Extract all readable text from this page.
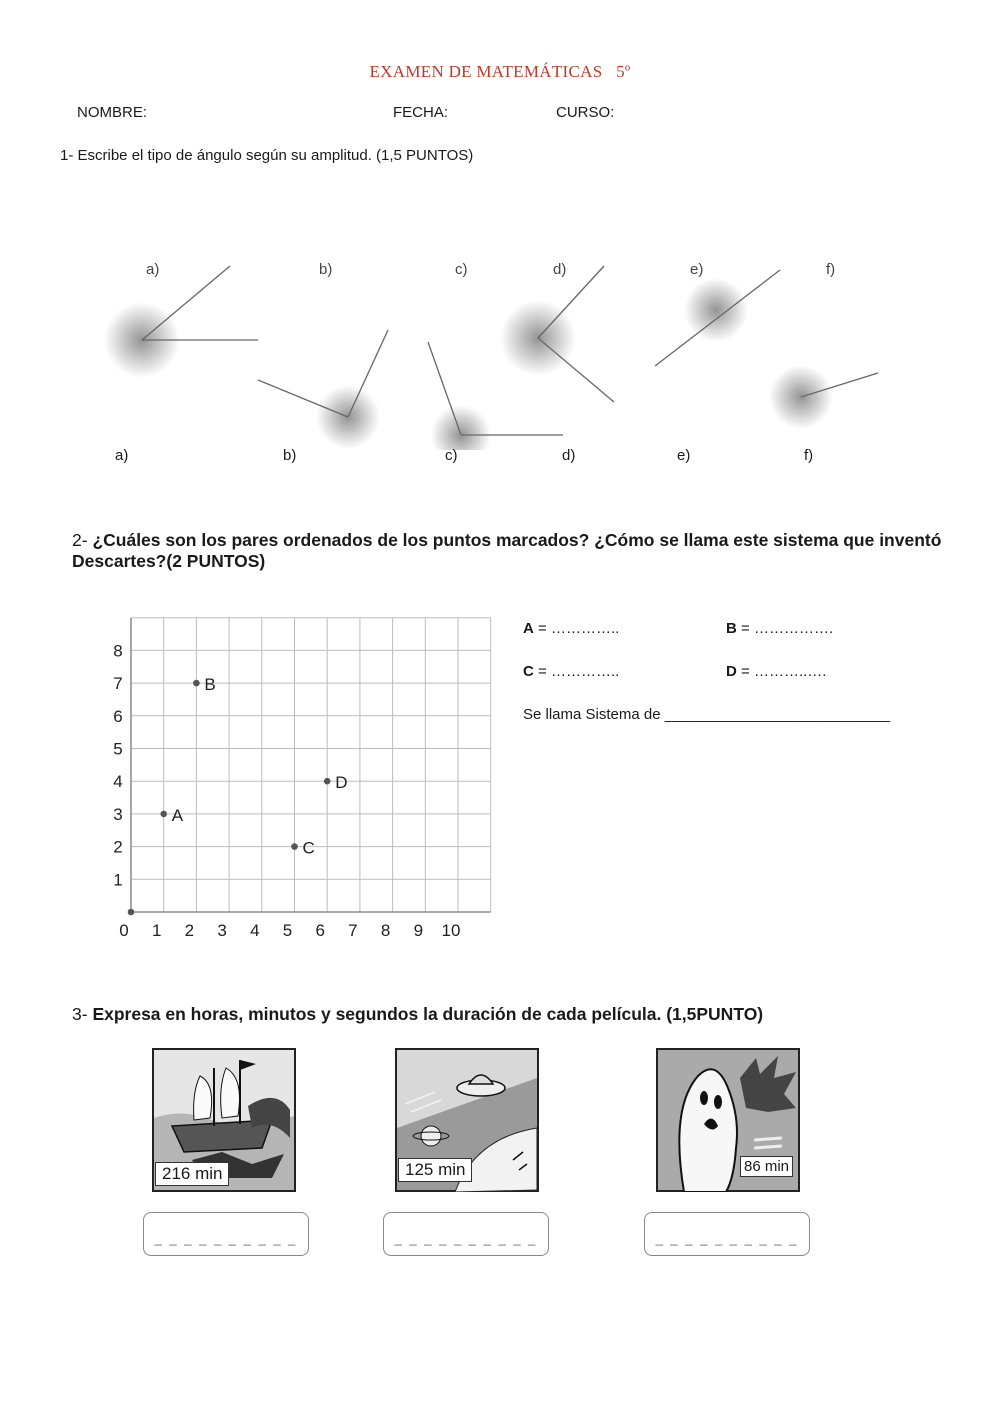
EXAMEN DE MATEMÁTICAS   5º
NOMBRE:	FECHA:	CURSO:
1- Escribe el tipo de ángulo según su amplitud. (1,5 PUNTOS)
a)	b)	c)	d)	e)	f)
a)	b)	c)	d)	e)	f)
2- ¿Cuáles son los pares ordenados de los puntos marcados? ¿Cómo se llama este sistema que inventó Descartes?(2 PUNTOS)
0 1 2 3 4 5 6 7 8 9 10
1
2
3
4
5
6
7
8
A
B
C
D
A = …………..	B = …………….
C = …………..	D = ………..….
Se llama Sistema de ___________________________
3- Expresa en horas, minutos y segundos la duración de cada película. (1,5PUNTO)
216 min	125 min	86 min
_ _ _ _ _ _ _ _ _ _	_ _ _ _ _ _ _ _ _ _	_ _ _ _ _ _ _ _ _ _
